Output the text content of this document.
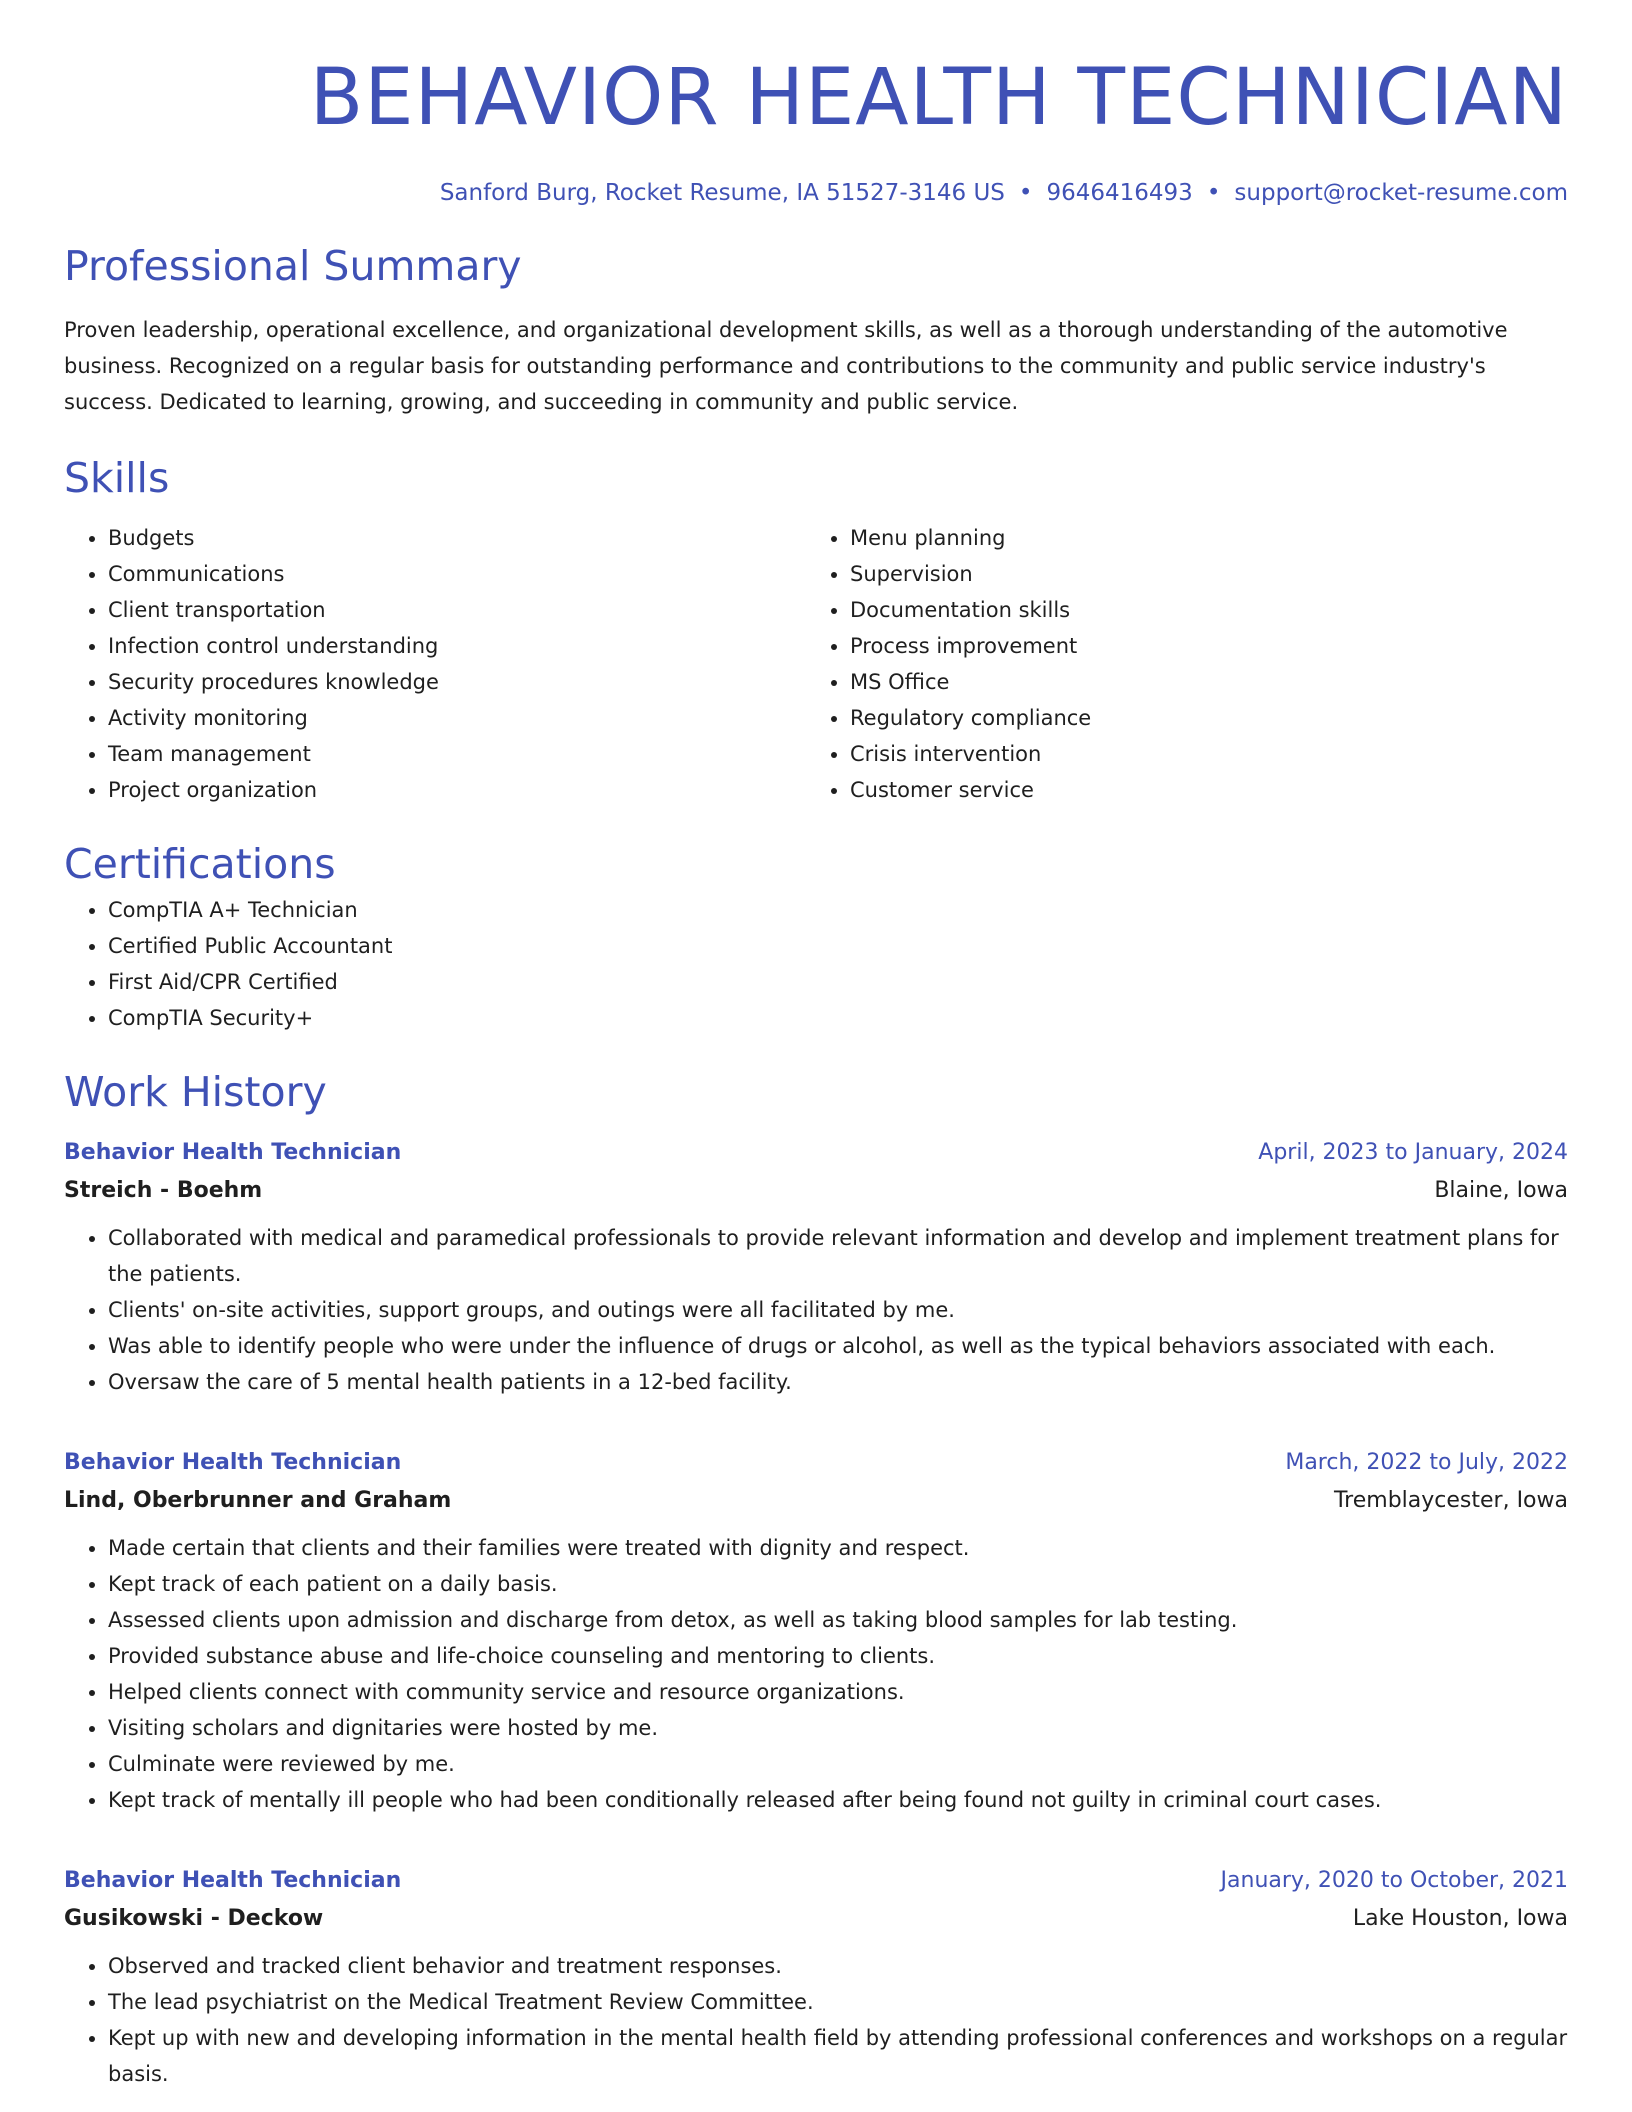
BEHAVIOR HEALTH TECHNICIAN
Sanford Burg, Rocket Resume, IA 51527-3146 US • 9646416493 • support@rocket-resume.com
Professional Summary
Proven leadership, operational excellence, and organizational development skills, as well as a thorough understanding of the automotive business. Recognized on a regular basis for outstanding performance and contributions to the community and public service industry's success. Dedicated to learning, growing, and succeeding in community and public service.
Skills
• Budgets
• Communications
• Client transportation
• Infection control understanding
• Security procedures knowledge
• Activity monitoring
• Team management
• Project organization
• Menu planning
• Supervision
• Documentation skills
• Process improvement
• MS Office
• Regulatory compliance
• Crisis intervention
• Customer service
Certifications
• CompTIA A+ Technician
• Certified Public Accountant
• First Aid/CPR Certified
• CompTIA Security+
Work History
Behavior Health Technician	April, 2023 to January, 2024
Streich - Boehm	Blaine, Iowa
• Collaborated with medical and paramedical professionals to provide relevant information and develop and implement treatment plans for the patients.
• Clients' on-site activities, support groups, and outings were all facilitated by me.
• Was able to identify people who were under the influence of drugs or alcohol, as well as the typical behaviors associated with each.
• Oversaw the care of 5 mental health patients in a 12-bed facility.
Behavior Health Technician	March, 2022 to July, 2022
Lind, Oberbrunner and Graham	Tremblaycester, Iowa
• Made certain that clients and their families were treated with dignity and respect.
• Kept track of each patient on a daily basis.
• Assessed clients upon admission and discharge from detox, as well as taking blood samples for lab testing.
• Provided substance abuse and life-choice counseling and mentoring to clients.
• Helped clients connect with community service and resource organizations.
• Visiting scholars and dignitaries were hosted by me.
• Culminate were reviewed by me.
• Kept track of mentally ill people who had been conditionally released after being found not guilty in criminal court cases.
Behavior Health Technician	January, 2020 to October, 2021
Gusikowski - Deckow	Lake Houston, Iowa
• Observed and tracked client behavior and treatment responses.
• The lead psychiatrist on the Medical Treatment Review Committee.
• Kept up with new and developing information in the mental health field by attending professional conferences and workshops on a regular basis.
